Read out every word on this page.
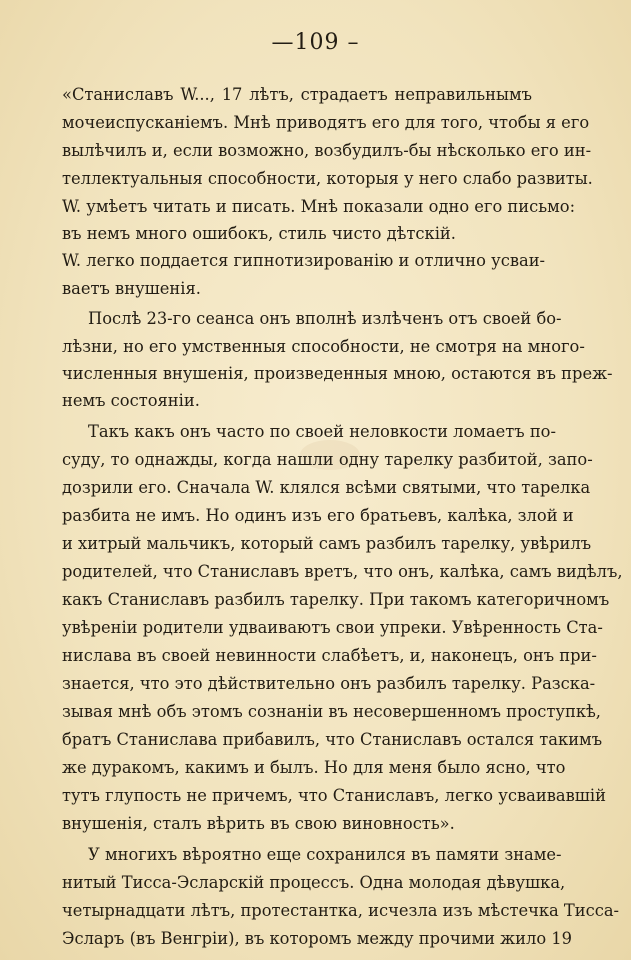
—109 –
«Станиславъ W..., 17 лѣтъ, страдаетъ неправильнымъ
мочеиспусканіемъ. Мнѣ приводятъ его для того, чтобы я его
вылѣчилъ и, если возможно, возбудилъ-бы нѣсколько его ин-
теллектуальныя способности, которыя у него слабо развиты.
W. умѣетъ читать и писать. Мнѣ показали одно его письмо:
въ немъ много ошибокъ, стиль чисто дѣтскій.
W. легко поддается гипнотизированію и отлично усваи-
ваетъ внушенія.
Послѣ 23-го сеанса онъ вполнѣ излѣченъ отъ своей бо-
лѣзни, но его умственныя способности, не смотря на много-
численныя внушенія, произведенныя мною, остаются въ преж-
немъ состояніи.
Такъ какъ онъ часто по своей неловкости ломаетъ по-
суду, то однажды, когда нашли одну тарелку разбитой, запо-
дозрили его. Сначала W. клялся всѣми святыми, что тарелка
разбита не имъ. Но одинъ изъ его братьевъ, калѣка, злой и
и хитрый мальчикъ, который самъ разбилъ тарелку, увѣрилъ
родителей, что Станиславъ вретъ, что онъ, калѣка, самъ видѣлъ,
какъ Станиславъ разбилъ тарелку. При такомъ категоричномъ
увѣреніи родители удваиваютъ свои упреки. Увѣренность Ста-
нислава въ своей невинности слабѣетъ, и, наконецъ, онъ при-
знается, что это дѣйствительно онъ разбилъ тарелку. Разска-
зывая мнѣ объ этомъ сознаніи въ несовершенномъ проступкѣ,
братъ Станислава прибавилъ, что Станиславъ остался такимъ
же дуракомъ, какимъ и былъ. Но для меня было ясно, что
тутъ глупость не причемъ, что Станиславъ, легко усваивавшій
внушенія, сталъ вѣрить въ свою виновность».
У многихъ вѣроятно еще сохранился въ памяти знаме-
нитый Тисса-Эсларскій процессъ. Одна молодая дѣвушка,
четырнадцати лѣтъ, протестантка, исчезла изъ мѣстечка Тисса-
Эсларъ (въ Венгріи), въ которомъ между прочими жило 19
